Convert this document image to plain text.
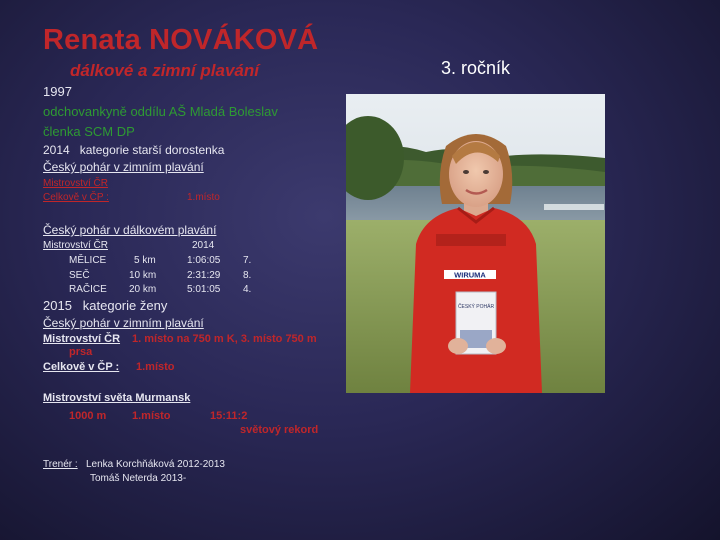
Renata NOVÁKOVÁ
dálkové a zimní plavání	3. ročník
1997
odchovankyně oddílu AŠ Mladá Boleslav
členka SCM DP
2014 kategorie starší dorostenka
Český pohár v zimním plavání
Mistrovství ČR
Celkově v ČP :	1.místo
Český pohár v dálkovém plavání
Mistrovství ČR	2014
MĚLICE	5 km	1:06:05 7.
SEČ	10 km	2:31:29 8.
RAČICE 20 km	5:01:05 4.
2015 kategorie ženy
Český pohár v zimním plavání
Mistrovství ČR 1. místo na 750 m K, 3. místo 750 m
prsa
Celkově v ČP : 1.místo
Mistrovství světa Murmansk
1000 m 1.místo	15:11:2
světový rekord
Trenér : Lenka Korchňáková 2012-2013
Tomáš Neterda 2013-
WIRUMA
ČESKÝ POHÁR
